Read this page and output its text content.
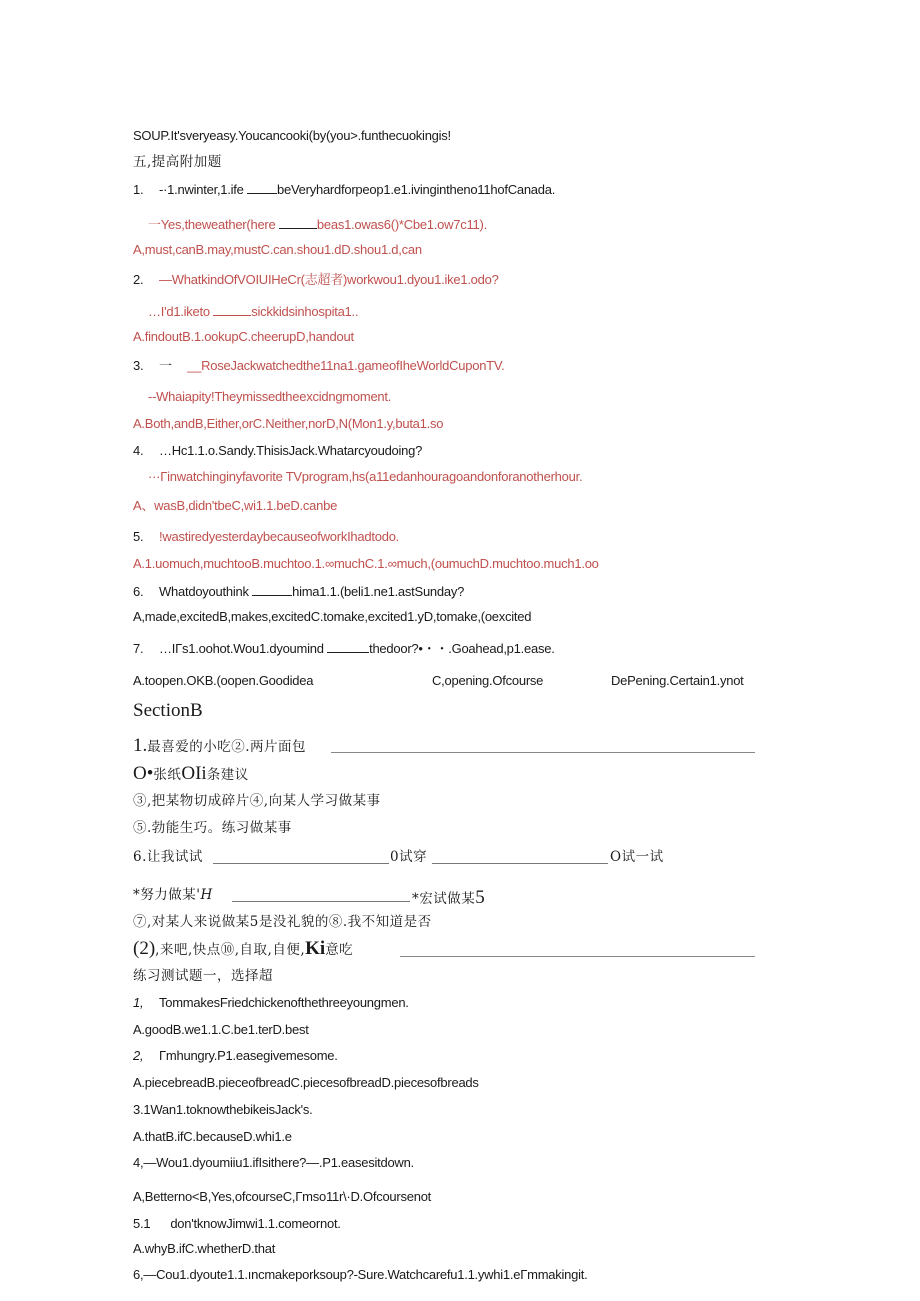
SOUP.It'sveryeasy.Youcancooki(by(you>.funthecuokingis!
五,提高附加题
1. -·1.nwinter,1.ife	beVeryhardforpeop1.e1.ivingintheno11hofCanada.
一Yes,theweather(here	beas1.owas6()*Cbe1.ow7c11).
A,must,canB.may,mustC.can.shou1.dD.shou1.d,can
2. —WhatkindOfVOIUIHeCr(志超者)workwou1.dyou1.ike1.odo?
…I'd1.iketo	sickkidsinhospita1..
A.findoutB.1.ookupC.cheerupD,handout
3. 一 __RoseJackwatchedthe11na1.gameofIheWorldCuponTV.
--Whaiapity!Theymissedtheexcidngmoment.
A.Both,andB,Either,orC.Neither,norD,N(Mon1.y,buta1.so
4. …Hc1.1.o.Sandy.ThisisJack.Whatarcyoudoing?
···Γinwatchinginyfavorite TVprogram,hs(a11edanhouragoandonforanotherhour.
A、wasB,didn'tbeC,wi1.1.beD.canbe
5. !wastiredyesterdaybecauseofworkIhadtodo.
A.1.uomuch,muchtooB.muchtoo.1.∞muchC.1.∞much,(oumuchD.muchtoo.much1.oo
6. Whatdoyouthink	hima1.1.(beli1.ne1.astSunday?
A,made,excitedB,makes,excitedC.tomake,excited1.yD,tomake,(oexcited
7. …IΓs1.oohot.Wou1.dyoumind	thedoor?•・・.Goahead,p1.ease.
A.toopen.OKB.(oopen.Goodidea	C,opening.Ofcourse	DePening.Certain1.ynot
SectionB
1.最喜爱的小吃②.两片面包
O•张纸OIi条建议
③,把某物切成碎片④,向某人学习做某事
⑤.勃能生巧。练习做某事
6.让我试试	0试穿	O试一试
*努力做某'H	*宏试做某5
⑦,对某人来说做某5是没礼貌的⑧.我不知道是否
(2),来吧,快点⑩,自取,自便,Ki意吃
练习测试题一，选择超
1, TommakesFriedchickenofthethreeyoungmen.
A.goodB.we1.1.C.be1.terD.best
2, Γmhungry.P1.easegivemesome.
A.piecebreadB.pieceofbreadC.piecesofbreadD.piecesofbreads
3.1Wan1.toknowthebikeisJack's.
A.thatB.ifC.becauseD.whi1.e
4,—Wou1.dyoumiiu1.ifIsithere?—.P1.easesitdown.
A,Betterno<B,Yes,ofcourseC,Γmso11r\·D.Ofcoursenot
5.1 don'tknowJimwi1.1.comeornot.
A.whyB.ifC.whetherD.that
6,—Cou1.dyoute1.1.ıncmakeporksoup?-Sure.Watchcarefu1.1.ywhi1.eΓmmakingit.
